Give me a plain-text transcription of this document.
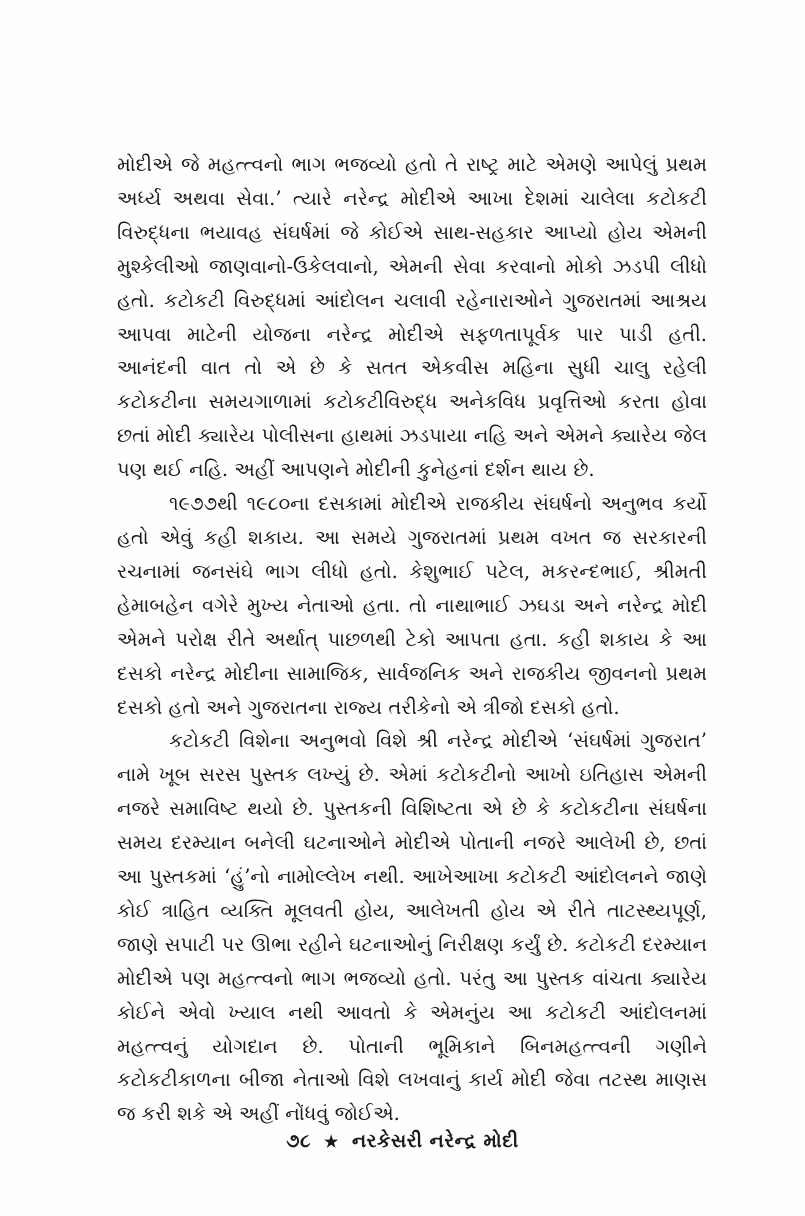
મોદીએ જે મહત્ત્વનો ભાગ ભજવ્યો હતો તે રાષ્ટ્ર માટે એમણે આપેલું પ્રથમ અર્ધ્ય અથવા સેવા.’ ત્યારે નરેન્દ્ર મોદીએ આખા દેશમાં ચાલેલા કટોકટી વિરુદ્ધના ભયાવહ સંઘર્ષમાં જે કોઈએ સાથ-સહકાર આપ્યો હોય એમની મુશ્કેલીઓ જાણવાનો-ઉકેલવાનો, એમની સેવા કરવાનો મોકો ઝડપી લીધો હતો. કટોકટી વિરુદ્ધમાં આંદોલન ચલાવી રહેનારાઓને ગુજરાતમાં આશ્રય આપવા માટેની યોજના નરેન્દ્ર મોદીએ સફળતાપૂર્વક પાર પાડી હતી. આનંદની વાત તો એ છે કે સતત એકવીસ મહિના સુધી ચાલુ રહેલી કટોકટીના સમયગાળામાં કટોકટીવિરુદ્ધ અનેકવિધ પ્રવૃત્તિઓ કરતા હોવા છતાં મોદી ક્યારેય પોલીસના હાથમાં ઝડપાયા નહિ અને એમને ક્યારેય જેલ પણ થઈ નહિ. અહીં આપણને મોદીની કુનેહનાં દર્શન થાય છે.

૧૯૭૭થી ૧૯૮૦ના દસકામાં મોદીએ રાજકીય સંઘર્ષનો અનુભવ કર્યો હતો એવું કહી શકાય. આ સમયે ગુજરાતમાં પ્રથમ વખત જ સરકારની રચનામાં જનસંઘે ભાગ લીધો હતો. કેશુભાઈ પટેલ, મકરન્દભાઈ, શ્રીમતી હેમાબહેન વગેરે મુખ્ય નેતાઓ હતા. તો નાથાભાઈ ઝઘડા અને નરેન્દ્ર મોદી એમને પરોક્ષ રીતે અર્થાત્ પાછળથી ટેકો આપતા હતા. કહી શકાય કે આ દસકો નરેન્દ્ર મોદીના સામાજિક, સાર્વજનિક અને રાજકીય જીવનનો પ્રથમ દસકો હતો અને ગુજરાતના રાજ્ય તરીકેનો એ ત્રીજો દસકો હતો.

કટોકટી વિશેના અનુભવો વિશે શ્રી નરેન્દ્ર મોદીએ ‘સંઘર્ષમાં ગુજરાત’ નામે ખૂબ સરસ પુસ્તક લખ્યું છે. એમાં કટોકટીનો આખો ઇતિહાસ એમની નજરે સમાવિષ્ટ થયો છે. પુસ્તકની વિશિષ્ટતા એ છે કે કટોકટીના સંઘર્ષના સમય દરમ્યાન બનેલી ઘટનાઓને મોદીએ પોતાની નજરે આલેખી છે, છતાં આ પુસ્તકમાં ‘હું’નો નામોલ્લેખ નથી. આખેઆખા કટોકટી આંદોલનને જાણે કોઈ ત્રાહિત વ્યક્તિ મૂલવતી હોય, આલેખતી હોય એ રીતે તાટસ્થ્યપૂર્ણ, જાણે સપાટી પર ઊભા રહીને ઘટનાઓનું નિરીક્ષણ કર્યું છે. કટોકટી દરમ્યાન મોદીએ પણ મહત્ત્વનો ભાગ ભજવ્યો હતો. પરંતુ આ પુસ્તક વાંચતા ક્યારેય કોઈને એવો ખ્યાલ નથી આવતો કે એમનુંય આ કટોકટી આંદોલનમાં મહત્ત્વનું યોગદાન છે. પોતાની ભૂમિકાને બિનમહત્ત્વની ગણીને કટોકટીકાળના બીજા નેતાઓ વિશે લખવાનું કાર્ય મોદી જેવા તટસ્થ માણસ જ કરી શકે એ અહીં નોંધવું જોઈએ.

૭૮ ★ નરકેસરી નરેન્દ્ર મોદી
